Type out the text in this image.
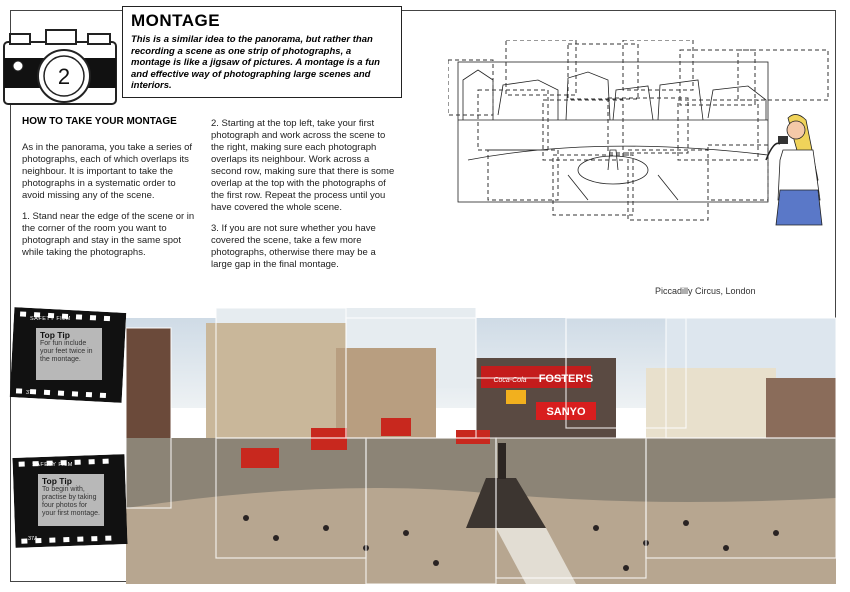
2
MONTAGE

This is a similar idea to the panorama, but rather than recording a scene as one strip of photographs, a montage is like a jigsaw of pictures. A montage is a fun and effective way of photographing large scenes and interiors.

HOW TO TAKE YOUR MONTAGE

As in the panorama, you take a series of photographs, each of which overlaps its neighbour. It is important to take the photographs in a systematic order to avoid missing any of the scene.

1. Stand near the edge of the scene or in the corner of the room you want to photograph and stay in the same spot while taking the photographs.

2. Starting at the top left, take your first photograph and work across the scene to the right, making sure each photograph overlaps its neighbour. Work across a second row, making sure that there is some overlap at the top with the photographs of the first row. Repeat the process until you have covered the whole scene.

3. If you are not sure whether you have covered the scene, take a few more photographs, otherwise there may be a large gap in the final montage.

Piccadilly Circus, London
FOSTER'S
Coca-Cola
SANYO
SAFETY FILM
Top Tip
For fun include your feet twice in the montage.
37A
SAFETY FILM
Top Tip
To begin with, practise by taking four photos for your first montage.
37A
